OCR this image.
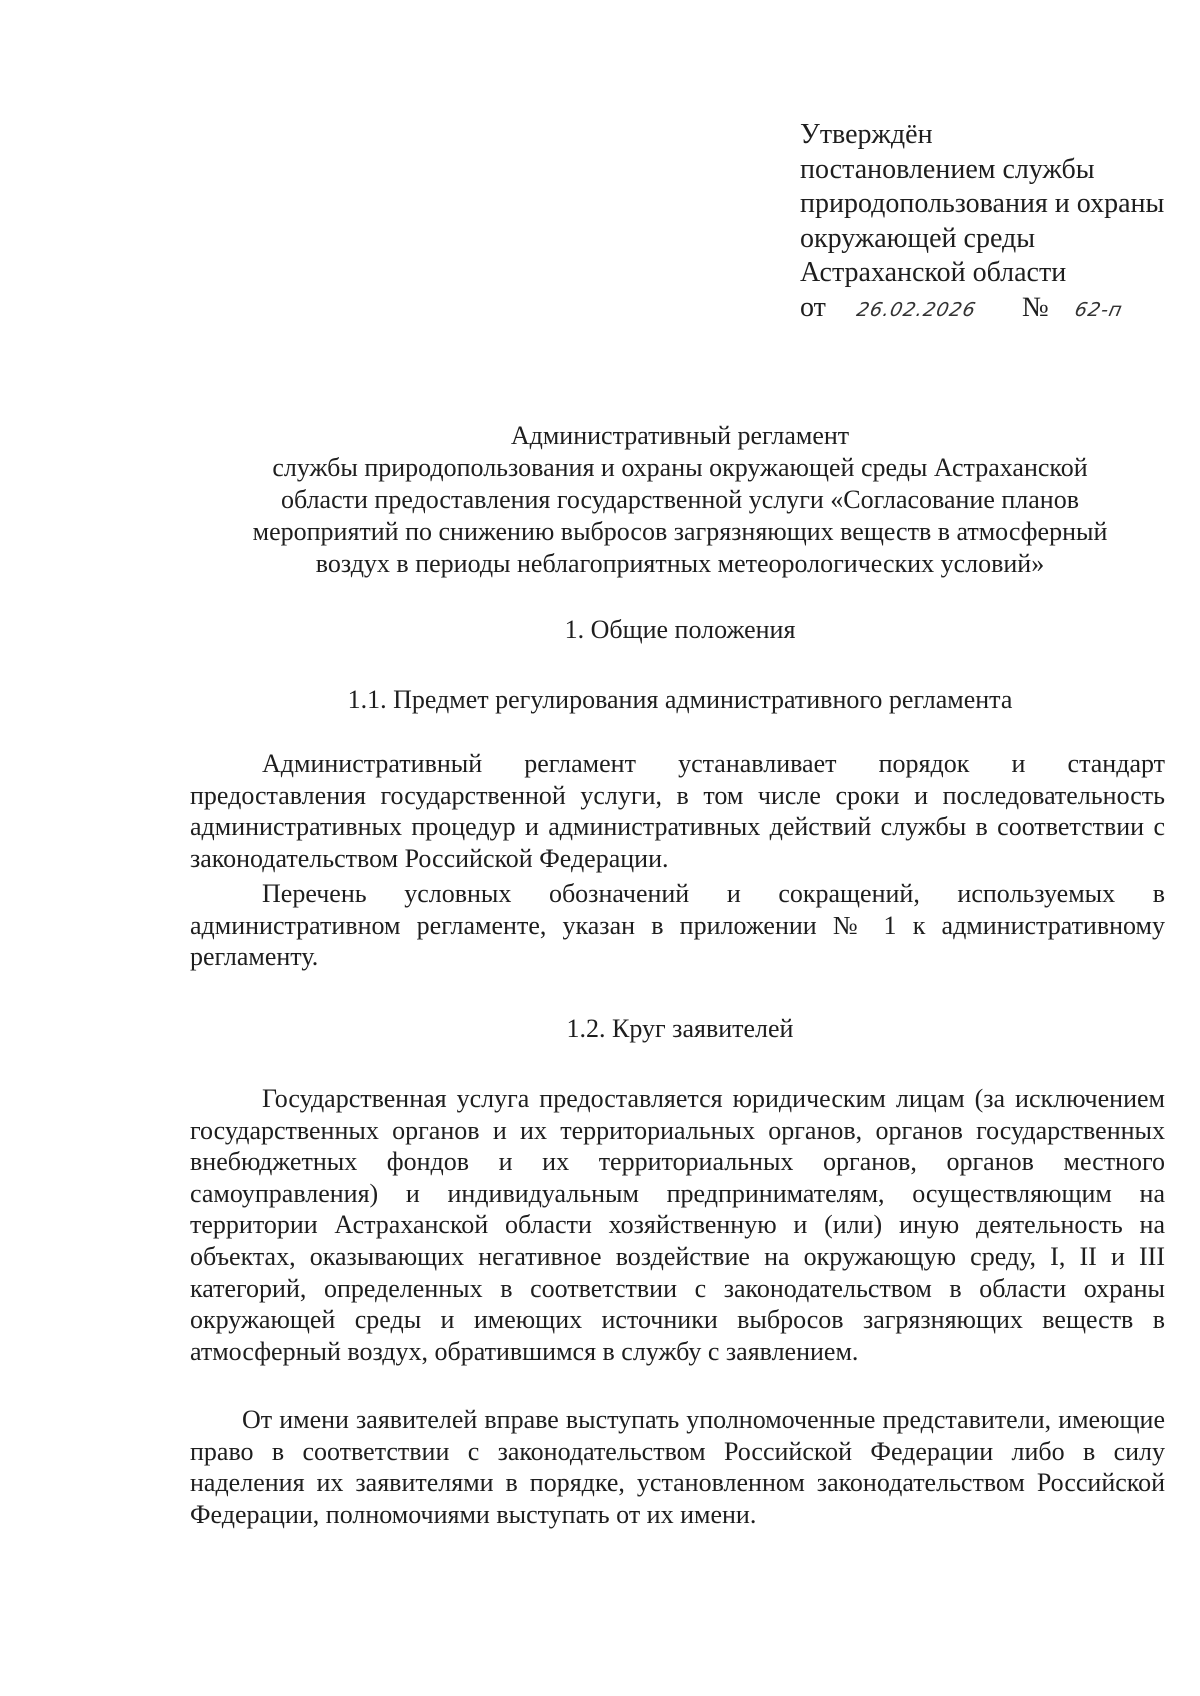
Утверждён
постановлением службы
природопользования и охраны
окружающей среды
Астраханской области
от 26.02.2026 № 62-п
Административный регламент
службы природопользования и охраны окружающей среды Астраханской
области предоставления государственной услуги «Согласование планов
мероприятий по снижению выбросов загрязняющих веществ в атмосферный
воздух в периоды неблагоприятных метеорологических условий»
1. Общие положения
1.1. Предмет регулирования административного регламента

Административный регламент устанавливает порядок и стандарт предоставления государственной услуги, в том числе сроки и последовательность административных процедур и административных действий службы в соответствии с законодательством Российской Федерации.

Перечень условных обозначений и сокращений, используемых в административном регламенте, указан в приложении № 1 к административному регламенту.

1.2. Круг заявителей

Государственная услуга предоставляется юридическим лицам (за исключением государственных органов и их территориальных органов, органов государственных внебюджетных фондов и их территориальных органов, органов местного самоуправления) и индивидуальным предпринимателям, осуществляющим на территории Астраханской области хозяйственную и (или) иную деятельность на объектах, оказывающих негативное воздействие на окружающую среду, I, II и III категорий, определенных в соответствии с законодательством в области охраны окружающей среды и имеющих источники выбросов загрязняющих веществ в атмосферный воздух, обратившимся в службу с заявлением.

От имени заявителей вправе выступать уполномоченные представители, имеющие право в соответствии с законодательством Российской Федерации либо в силу наделения их заявителями в порядке, установленном законодательством Российской Федерации, полномочиями выступать от их имени.
